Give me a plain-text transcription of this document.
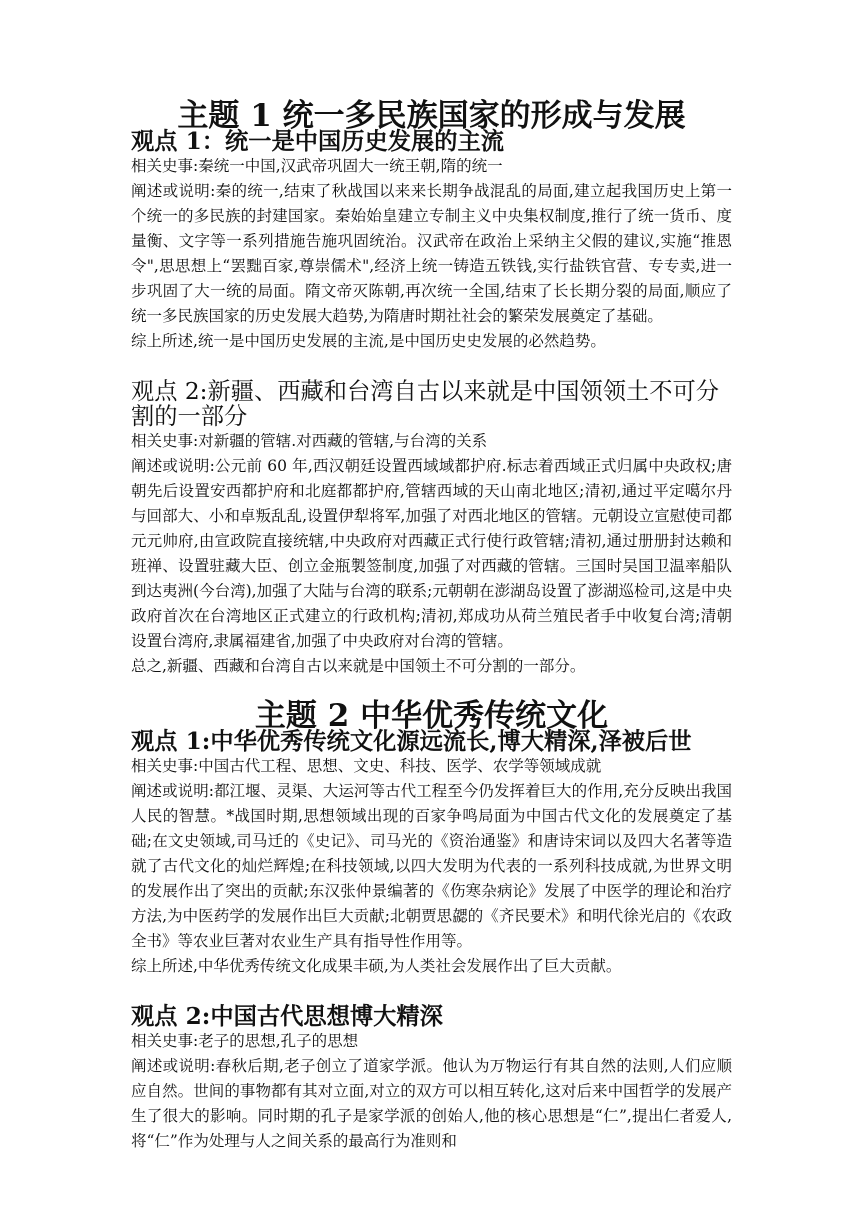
主题 1 统一多民族国家的形成与发展
观点 1：统一是中国历史发展的主流

相关史事:秦统一中国,汉武帝巩固大一统王朝,隋的统一

阐述或说明:秦的统一,结束了秋战国以来来长期争战混乱的局面,建立起我国历史上第一个统一的多民族的封建国家。秦始始皇建立专制主义中央集权制度,推行了统一货币、度量衡、文字等一系列措施告施巩固统治。汉武帝在政治上采纳主父假的建议,实施“推恩令",思思想上“罢黜百家,尊崇儒术",经济上统一铸造五铁钱,实行盐铁官营、专专卖,进一步巩固了大一统的局面。隋文帝灭陈朝,再次统一全国,结束了长长期分裂的局面,顺应了统一多民族国家的历史发展大趋势,为隋唐时期社社会的繁荣发展奠定了基础。

综上所述,统一是中国历史发展的主流,是中国历史史发展的必然趋势。

观点 2:新疆、西藏和台湾自古以来就是中国领领土不可分割的一部分

相关史事:对新疆的管辖.对西藏的管辖,与台湾的关系

阐述或说明:公元前 60 年,西汉朝廷设置西域域都护府.标志着西域正式归属中央政权;唐朝先后设置安西都护府和北庭都都护府,管辖西域的天山南北地区;清初,通过平定噶尔丹与回部大、小和卓叛乱乱,设置伊犁将军,加强了对西北地区的管辖。元朝设立宣慰使司都元元帅府,由宣政院直接统辖,中央政府对西藏正式行使行政管辖;清初,通过册册封达赖和班禅、设置驻藏大臣、创立金瓶製签制度,加强了对西藏的管辖。三国时吴国卫温率船队到达夷洲(今台湾),加强了大陆与台湾的联系;元朝朝在澎湖岛设置了澎湖巡检司,这是中央政府首次在台湾地区正式建立的行政机构;清初,郑成功从荷兰殖民者手中收复台湾;清朝设置台湾府,隶属福建省,加强了中央政府对台湾的管辖。

总之,新疆、西藏和台湾自古以来就是中国领土不可分割的一部分。

主题 2 中华优秀传统文化
观点 1:中华优秀传统文化源远流长,博大精深,泽被后世

相关史事:中国古代工程、思想、文史、科技、医学、农学等领域成就

阐述或说明:都江堰、灵渠、大运河等古代工程至今仍发挥着巨大的作用,充分反映出我国人民的智慧。*战国时期,思想领域出现的百家争鸣局面为中国古代文化的发展奠定了基础;在文史领域,司马迁的《史记》、司马光的《资治通鉴》和唐诗宋词以及四大名著等造就了古代文化的灿烂辉煌;在科技领域,以四大发明为代表的一系列科技成就,为世界文明的发展作出了突出的贡献;东汉张仲景编著的《伤寒杂病论》发展了中医学的理论和治疗方法,为中医药学的发展作出巨大贡献;北朝贾思勰的《齐民要术》和明代徐光启的《农政全书》等农业巨著对农业生产具有指导性作用等。

综上所述,中华优秀传统文化成果丰硕,为人类社会发展作出了巨大贡献。

观点 2:中国古代思想博大精深

相关史事:老子的思想,孔子的思想

阐述或说明:春秋后期,老子创立了道家学派。他认为万物运行有其自然的法则,人们应顺应自然。世间的事物都有其对立面,对立的双方可以相互转化,这对后来中国哲学的发展产生了很大的影响。同时期的孔子是家学派的创始人,他的核心思想是“仁”,提出仁者爱人,将“仁”作为处理与人之间关系的最高行为准则和
